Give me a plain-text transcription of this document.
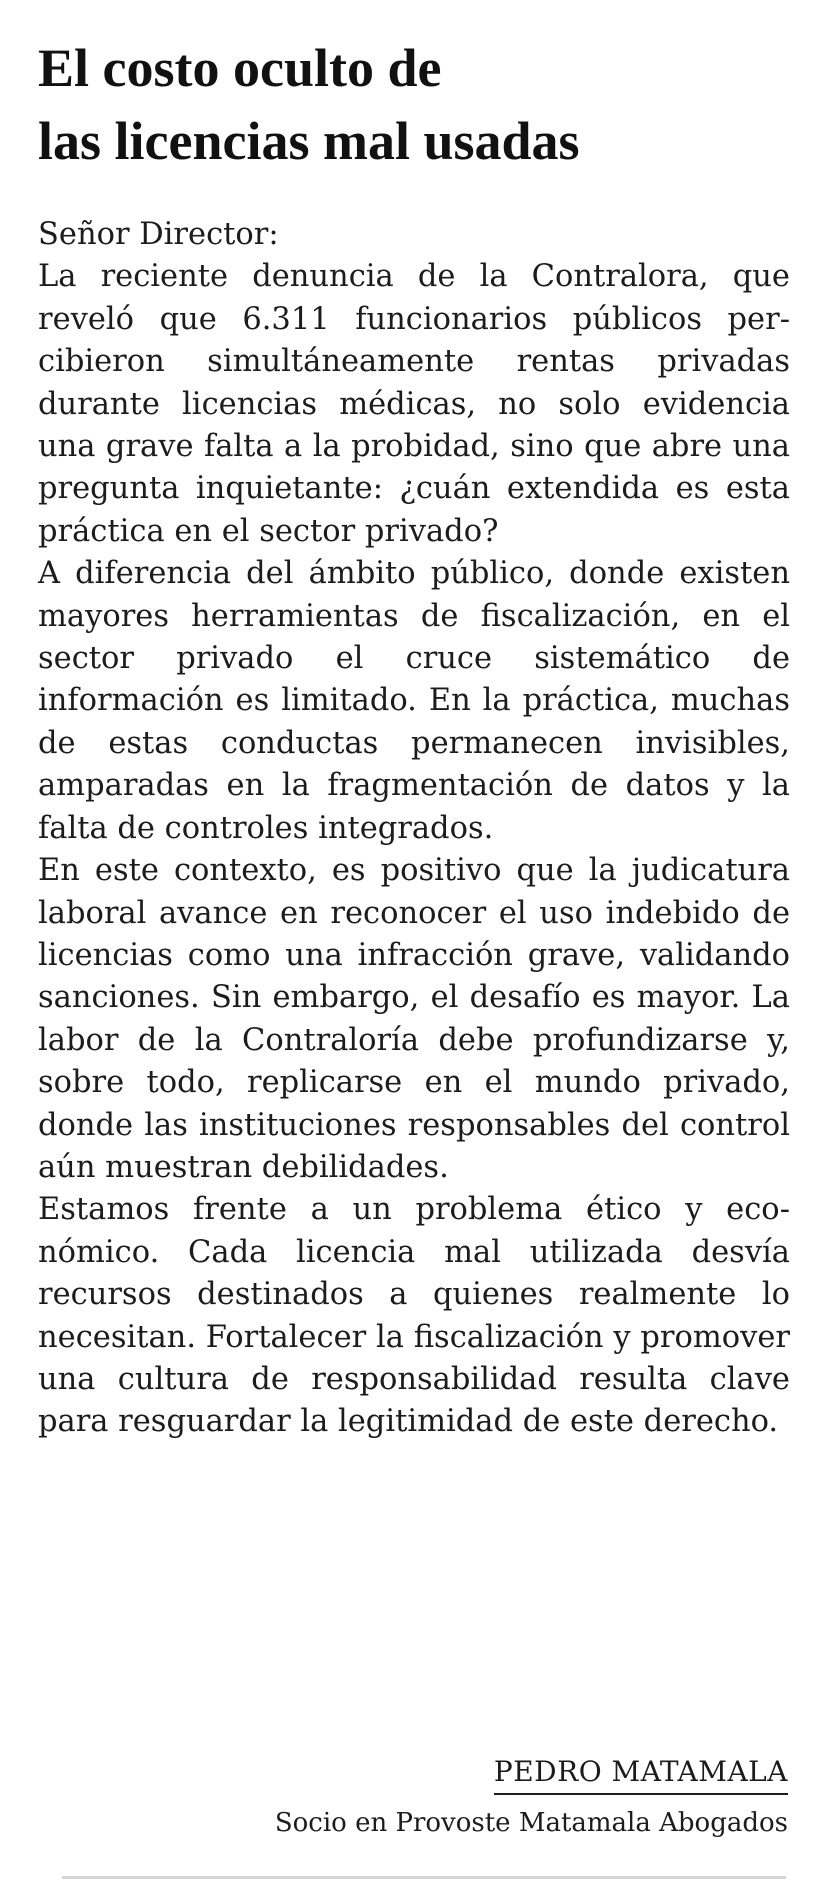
El costo oculto de
las licencias mal usadas

Señor Director:

La reciente denuncia de la Contralora, que reveló que 6.311 funcionarios públicos percibieron simultáneamente rentas privadas durante licencias médicas, no solo evidencia una grave falta a la probidad, sino que abre una pregunta inquietante: ¿cuán extendida es esta práctica en el sector privado?

A diferencia del ámbito público, donde existen mayores herramientas de fiscalización, en el sector privado el cruce sistemático de información es limitado. En la práctica, muchas de estas conductas permanecen invisibles, amparadas en la fragmentación de datos y la falta de controles integrados.

En este contexto, es positivo que la judicatura laboral avance en reconocer el uso indebido de licencias como una infracción grave, validando sanciones. Sin embargo, el desafío es mayor. La labor de la Contraloría debe profundizarse y, sobre todo, replicarse en el mundo privado, donde las instituciones responsables del control aún muestran debilidades.

Estamos frente a un problema ético y económico. Cada licencia mal utilizada desvía recursos destinados a quienes realmente lo necesitan. Fortalecer la fiscalización y promover una cultura de responsabilidad resulta clave para resguardar la legitimidad de este derecho.

PEDRO MATAMALA
Socio en Provoste Matamala Abogados
